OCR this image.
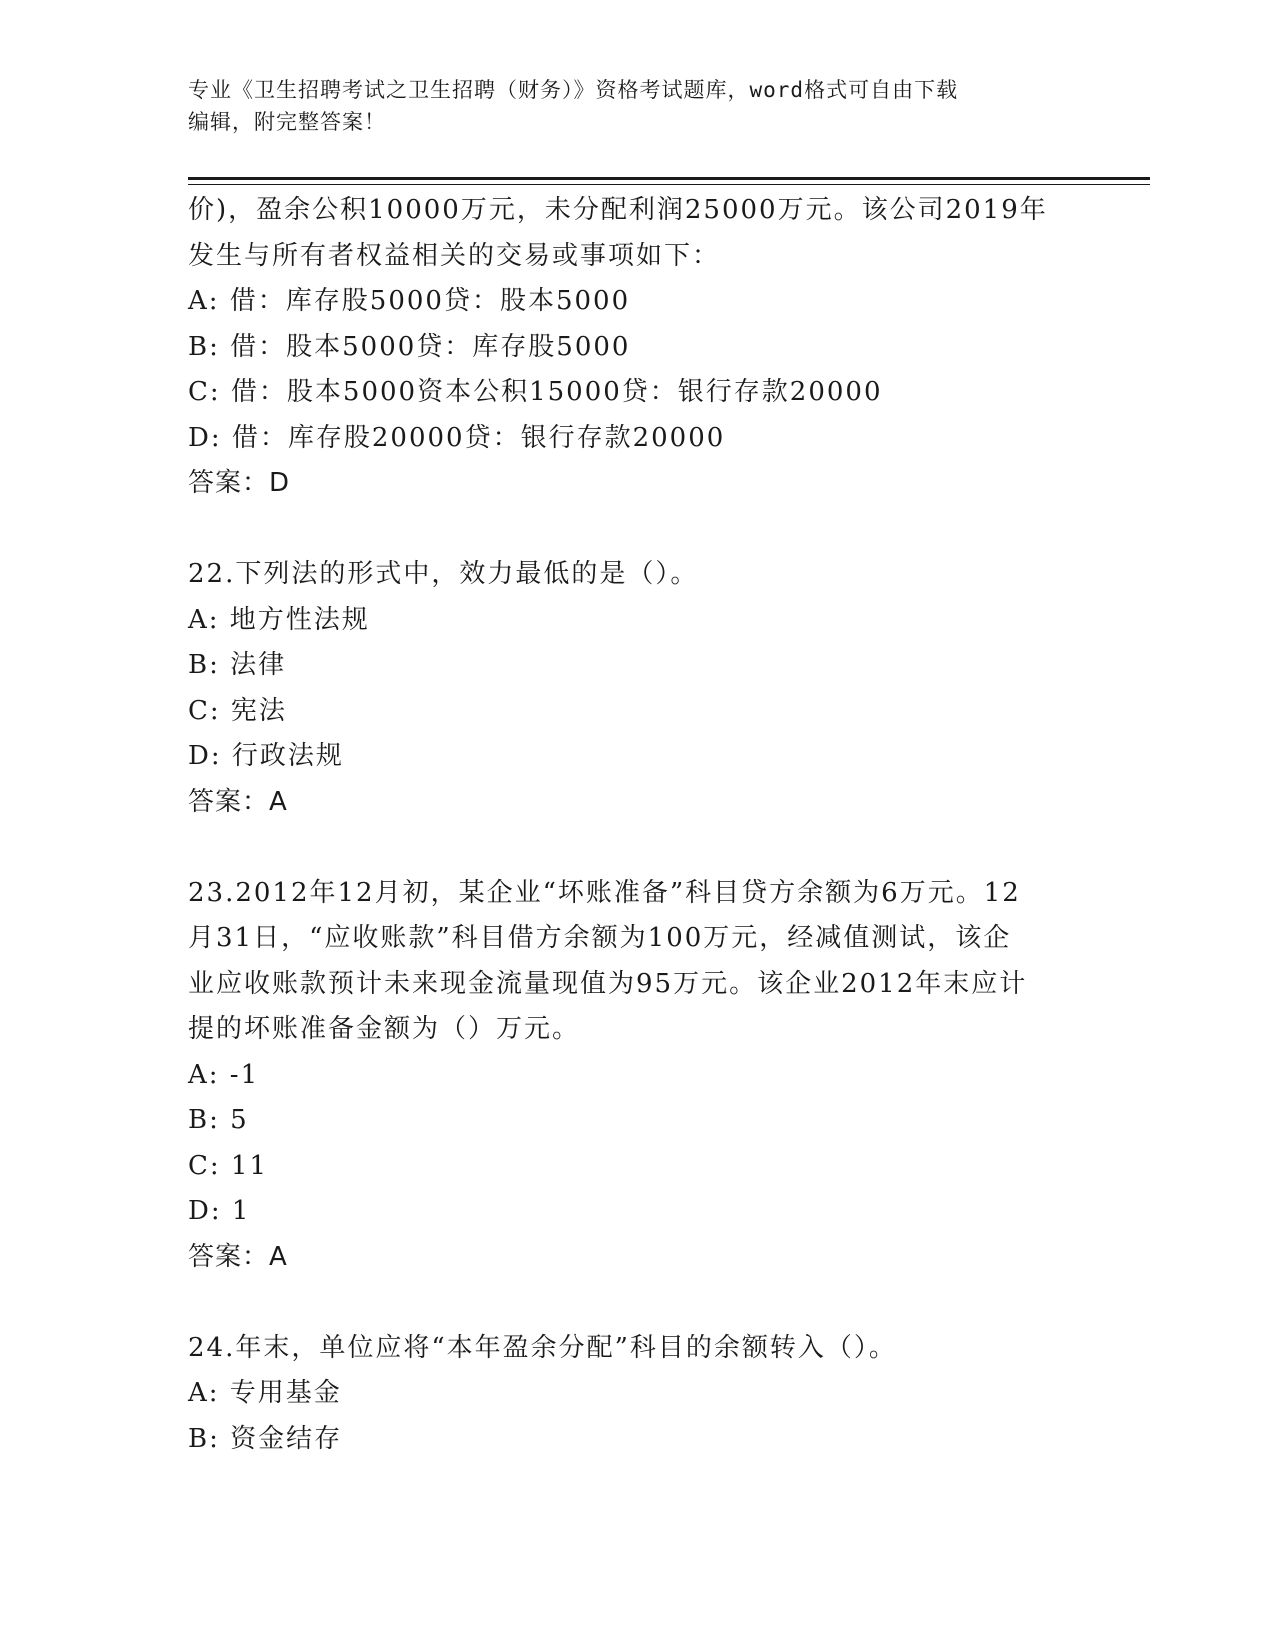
专业《卫生招聘考试之卫生招聘（财务）》资格考试题库，word格式可自由下载
编辑，附完整答案！
价)，盈余公积10000万元，未分配利润25000万元。该公司2019年
发生与所有者权益相关的交易或事项如下：
A: 借：库存股5000贷：股本5000
B: 借：股本5000贷：库存股5000
C: 借：股本5000资本公积15000贷：银行存款20000
D: 借：库存股20000贷：银行存款20000
答案：D
22.下列法的形式中，效力最低的是（）。
A: 地方性法规
B: 法律
C: 宪法
D: 行政法规
答案：A
23.2012年12月初，某企业“坏账准备”科目贷方余额为6万元。12
月31日，“应收账款”科目借方余额为100万元，经减值测试，该企
业应收账款预计未来现金流量现值为95万元。该企业2012年末应计
提的坏账准备金额为（）万元。
A: -1
B: 5
C: 11
D: 1
答案：A
24.年末，单位应将“本年盈余分配”科目的余额转入（）。
A: 专用基金
B: 资金结存
